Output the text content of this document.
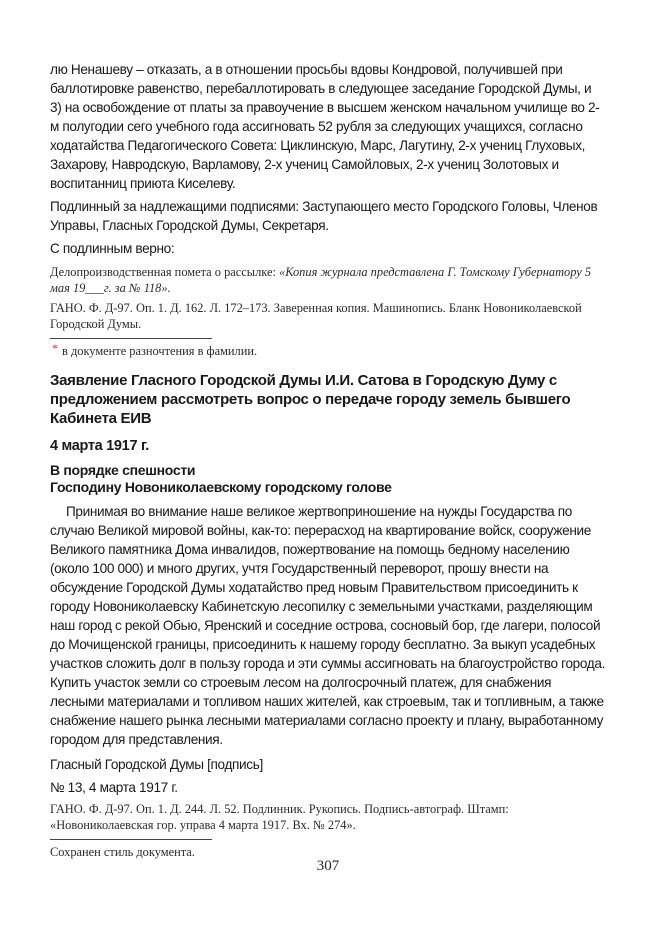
лю Ненашеву – отказать, а в отношении просьбы вдовы Кондровой, получившей при баллотировке равенство, перебаллотировать в следующее заседание Городской Думы, и 3) на освобождение от платы за правоучение в высшем женском начальном училище во 2-м полугодии сего учебного года ассигновать 52 рубля за следующих учащихся, согласно ходатайства Педагогического Совета: Циклинскую, Марс, Лагутину, 2-х учениц Глуховых, Захарову, Навродскую, Варламову, 2-х учениц Самойловых, 2-х учениц Золотовых и воспитанниц приюта Киселеву.

Подлинный за надлежащими подписями: Заступающего место Городского Головы, Членов Управы, Гласных Городской Думы, Секретаря.

С подлинным верно:

Делопроизводственная помета о рассылке: «Копия журнала представлена Г. Томскому Губернатору 5 мая 19___г. за № 118».

ГАНО. Ф. Д-97. Оп. 1. Д. 162. Л. 172–173. Заверенная копия. Машинопись. Бланк Новониколаевской Городской Думы.

* в документе разночтения в фамилии.

Заявление Гласного Городской Думы И.И. Сатова в Городскую Думу с предложением рассмотреть вопрос о передаче городу земель бывшего Кабинета ЕИВ

4 марта 1917 г.

В порядке спешности
Господину Новониколаевскому городскому голове

Принимая во внимание наше великое жертвоприношение на нужды Государства по случаю Великой мировой войны, как-то: перерасход на квартирование войск, сооружение Великого памятника Дома инвалидов, пожертвование на помощь бедному населению (около 100 000) и много других, учтя Государственный переворот, прошу внести на обсуждение Городской Думы ходатайство пред новым Правительством присоединить к городу Новониколаевску Кабинетскую лесопилку с земельными участками, разделяющим наш город с рекой Обью, Яренский и соседние острова, сосновый бор, где лагери, полосой до Мочищенской границы, присоединить к нашему городу бесплатно. За выкуп усадебных участков сложить долг в пользу города и эти суммы ассигновать на благоустройство города. Купить участок земли со строевым лесом на долгосрочный платеж, для снабжения лесными материалами и топливом наших жителей, как строевым, так и топливным, а также снабжение нашего рынка лесными материалами согласно проекту и плану, выработанному городом для представления.

Гласный Городской Думы [подпись]

№ 13, 4 марта 1917 г.

ГАНО. Ф. Д-97. Оп. 1. Д. 244. Л. 52. Подлинник. Рукопись. Подпись-автограф. Штамп: «Новониколаевская гор. управа 4 марта 1917. Вх. № 274».

Сохранен стиль документа.

307
